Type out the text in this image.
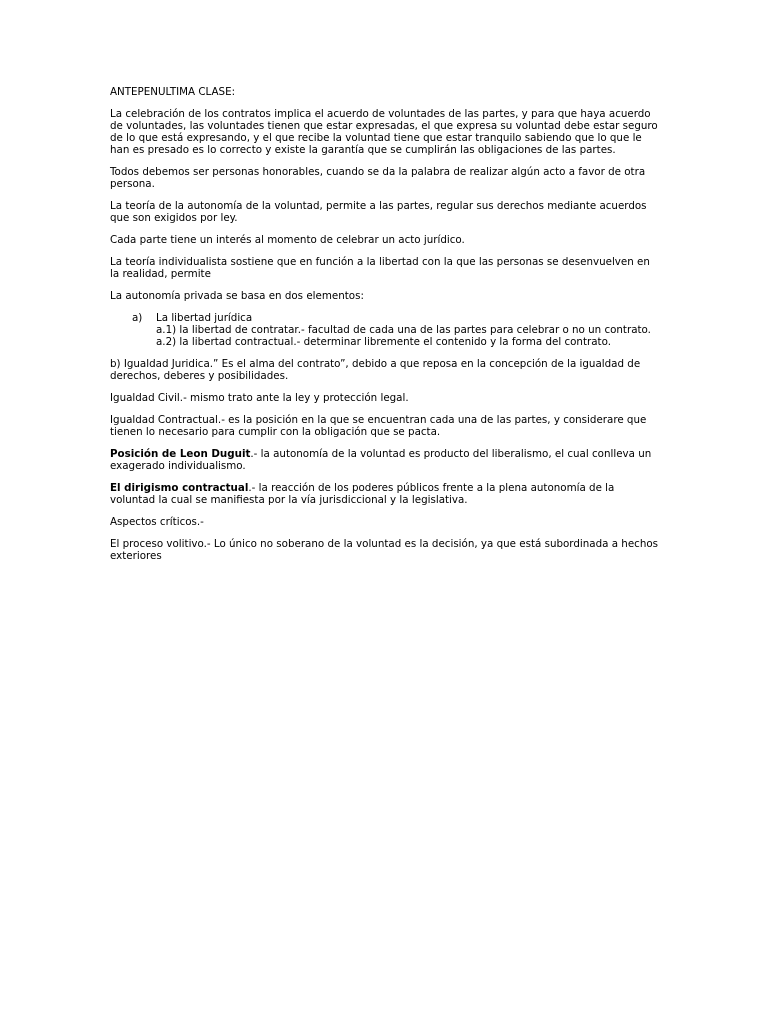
ANTEPENULTIMA CLASE:

La celebración de los contratos implica el acuerdo de voluntades de las partes, y para que haya acuerdo de voluntades, las voluntades tienen que estar expresadas, el que expresa su voluntad debe estar seguro de lo que está expresando, y el que recibe la voluntad tiene que estar tranquilo sabiendo que lo que le han es presado es lo correcto y existe la garantía que se cumplirán las obligaciones de las partes.

Todos debemos ser personas honorables, cuando se da la palabra de realizar algún acto a favor de otra persona.

La teoría de la autonomía de la voluntad, permite a las partes, regular sus derechos mediante acuerdos que son exigidos por ley.

Cada parte tiene un interés al momento de celebrar un acto jurídico.

La teoría individualista sostiene que en función a la libertad con la que las personas se desenvuelven en la realidad, permite

La autonomía privada se basa en dos elementos:

a) La libertad jurídica
a.1) la libertad de contratar.- facultad de cada una de las partes para celebrar o no un contrato.
a.2) la libertad contractual.- determinar libremente el contenido y la forma del contrato.

b) Igualdad Juridica.” Es el alma del contrato”, debido a que reposa en la concepción de la igualdad de derechos, deberes y posibilidades.

Igualdad Civil.- mismo trato ante la ley y protección legal.

Igualdad Contractual.- es la posición en la que se encuentran cada una de las partes, y considerare que tienen lo necesario para cumplir con la obligación que se pacta.

Posición de Leon Duguit.- la autonomía de la voluntad es producto del liberalismo, el cual conlleva un exagerado individualismo.

El dirigismo contractual.- la reacción de los poderes públicos frente a la plena autonomía de la voluntad la cual se manifiesta por la vía jurisdiccional y la legislativa.

Aspectos críticos.-

El proceso volitivo.- Lo único no soberano de la voluntad es la decisión, ya que está subordinada a hechos exteriores
